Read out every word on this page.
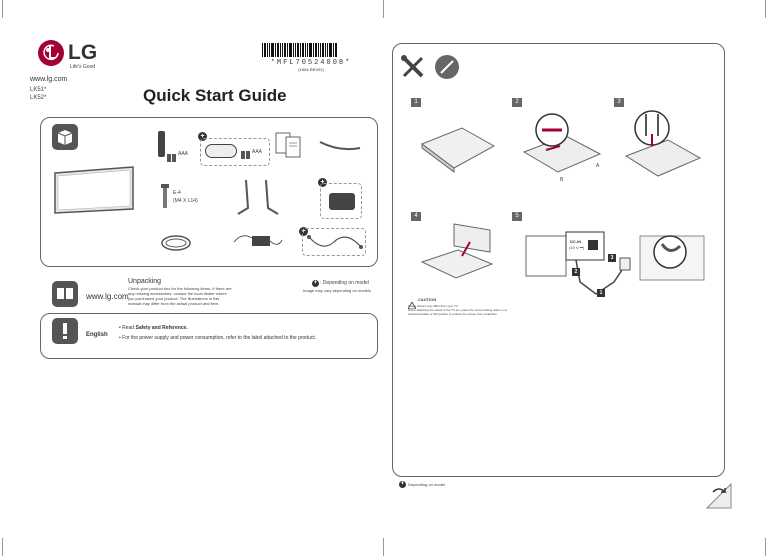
LG
Life's Good
www.lg.com
LK51*
LK52*	Quick Start Guide
*MFL70524008*
(1804-REV02)
AAA
+
AAA
E-4
(M4 X L14)
+
+
www.lg.com
Unpacking
Check your product box for the following items. If there are any missing accessories, contact the local dealer where you purchased your product. The illustrations in this manual may differ from the actual product and item.
+ : Depending on model
Image may vary depending on models
English
• Read Safety and Reference.
• For the power supply and power consumption, refer to the label attached to the product.
1	2
A
B
3
4
CAUTION
Image shown may differ from your TV.
When attaching the stand to the TV set, place the screen facing down on a cushioned table or flat surface to protect the screen from scratches.
5
DC-IN
(19 V ⎓)
1
2
3
+ Depending on model
